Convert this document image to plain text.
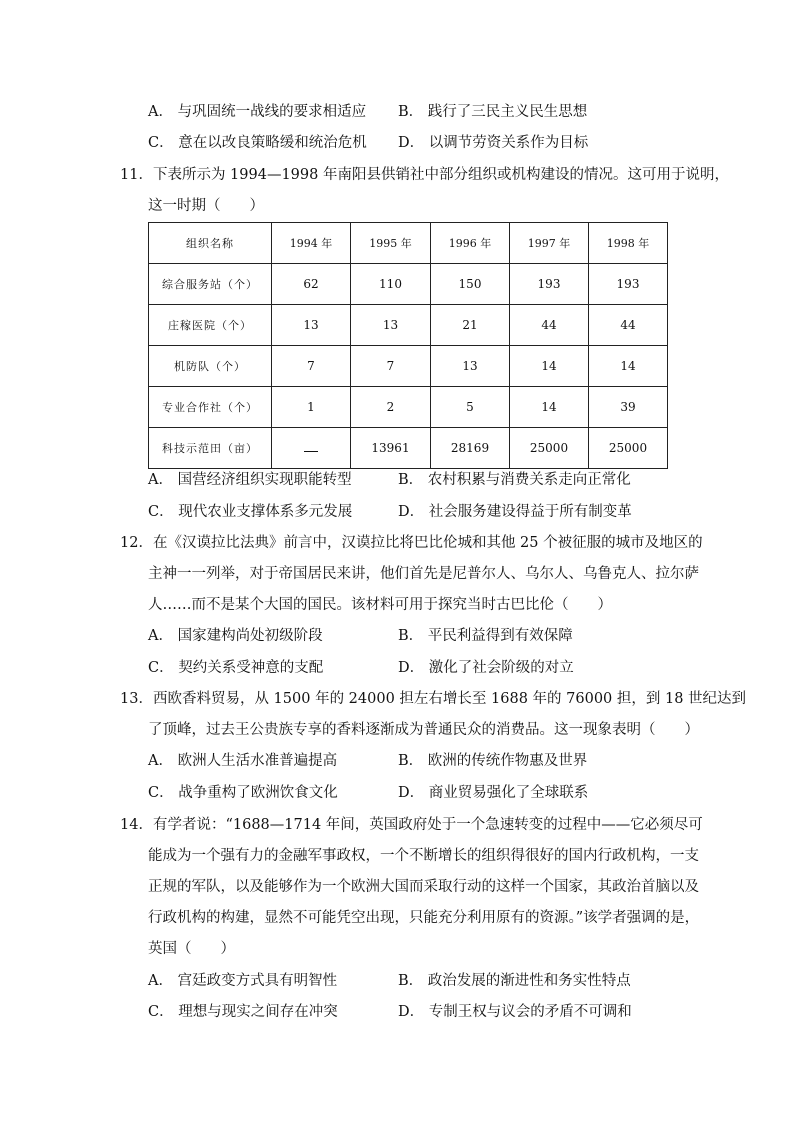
A． 与巩固统一战线的要求相适应 B． 践行了三民主义民生思想
C． 意在以改良策略缓和统治危机 D． 以调节劳资关系作为目标
11．下表所示为 1994—1998 年南阳县供销社中部分组织或机构建设的情况。这可用于说明，
这一时期（　　）
组织名称	1994 年	1995 年	1996 年	1997 年	1998 年
综合服务站（个）	62	110	150	193	193
庄稼医院（个）	13	13	21	44	44
机防队（个）	7	7	13	14	14
专业合作社（个）	1	2	5	14	39
科技示范田（亩）		13961	28169	25000	25000
A． 国营经济组织实现职能转型	B． 农村积累与消费关系走向正常化
C． 现代农业支撑体系多元发展	D． 社会服务建设得益于所有制变革
12．在《汉谟拉比法典》前言中，汉谟拉比将巴比伦城和其他 25 个被征服的城市及地区的
主神一一列举，对于帝国居民来讲，他们首先是尼普尔人、乌尔人、乌鲁克人、拉尔萨
人……而不是某个大国的国民。该材料可用于探究当时古巴比伦（　　）
A． 国家建构尚处初级阶段	B． 平民利益得到有效保障
C． 契约关系受神意的支配	D． 激化了社会阶级的对立
13．西欧香料贸易，从 1500 年的 24000 担左右增长至 1688 年的 76000 担，到 18 世纪达到
了顶峰，过去王公贵族专享的香料逐渐成为普通民众的消费品。这一现象表明（　　）
A． 欧洲人生活水准普遍提高	B． 欧洲的传统作物惠及世界
C． 战争重构了欧洲饮食文化	D． 商业贸易强化了全球联系
14．有学者说：“1688—1714 年间，英国政府处于一个急速转变的过程中——它必须尽可
能成为一个强有力的金融军事政权，一个不断增长的组织得很好的国内行政机构，一支
正规的军队，以及能够作为一个欧洲大国而采取行动的这样一个国家，其政治首脑以及
行政机构的构建，显然不可能凭空出现，只能充分利用原有的资源。”该学者强调的是，
英国（　　）
A． 宫廷政变方式具有明智性	B． 政治发展的渐进性和务实性特点
C． 理想与现实之间存在冲突	D． 专制王权与议会的矛盾不可调和
